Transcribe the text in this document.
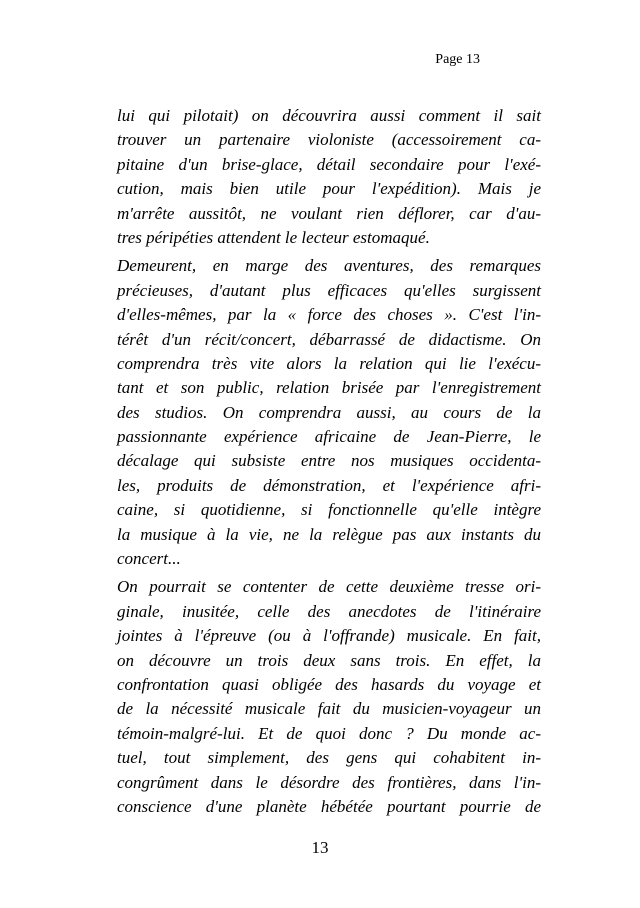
Page 13
lui qui pilotait) on découvrira aussi comment il sait
trouver un partenaire violoniste (accessoirement ca-
pitaine d'un brise-glace, détail secondaire pour l'exé-
cution, mais bien utile pour l'expédition). Mais je
m'arrête aussitôt, ne voulant rien déflorer, car d'au-
tres péripéties attendent le lecteur estomaqué.
Demeurent, en marge des aventures, des remarques
précieuses, d'autant plus efficaces qu'elles surgissent
d'elles-mêmes, par la « force des choses ». C'est l'in-
térêt d'un récit/concert, débarrassé de didactisme. On
comprendra très vite alors la relation qui lie l'exécu-
tant et son public, relation brisée par l'enregistrement
des studios. On comprendra aussi, au cours de la
passionnante expérience africaine de Jean-Pierre, le
décalage qui subsiste entre nos musiques occidenta-
les, produits de démonstration, et l'expérience afri-
caine, si quotidienne, si fonctionnelle qu'elle intègre
la musique à la vie, ne la relègue pas aux instants du
concert...
On pourrait se contenter de cette deuxième tresse ori-
ginale, inusitée, celle des anecdotes de l'itinéraire
jointes à l'épreuve (ou à l'offrande) musicale. En fait,
on découvre un trois deux sans trois. En effet, la
confrontation quasi obligée des hasards du voyage et
de la nécessité musicale fait du musicien-voyageur un
témoin-malgré-lui. Et de quoi donc ? Du monde ac-
tuel, tout simplement, des gens qui cohabitent in-
congrûment dans le désordre des frontières, dans l'in-
conscience d'une planète hébétée pourtant pourrie de
13
